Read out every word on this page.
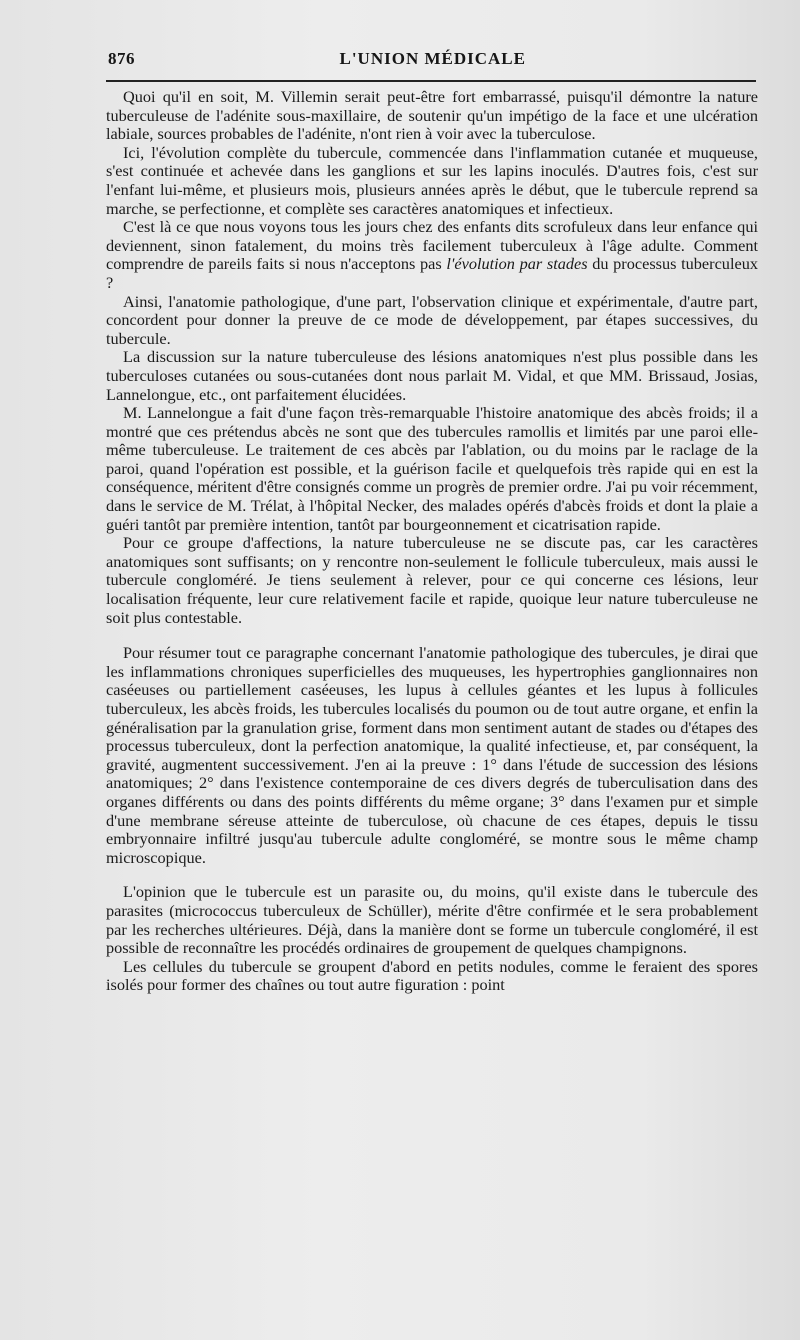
876	L'UNION MÉDICALE

Quoi qu'il en soit, M. Villemin serait peut-être fort embarrassé, puisqu'il démontre la nature tuberculeuse de l'adénite sous-maxillaire, de soutenir qu'un impétigo de la face et une ulcération labiale, sources probables de l'adénite, n'ont rien à voir avec la tuberculose.

Ici, l'évolution complète du tubercule, commencée dans l'inflammation cutanée et muqueuse, s'est continuée et achevée dans les ganglions et sur les lapins inoculés. D'autres fois, c'est sur l'enfant lui-même, et plusieurs mois, plusieurs années après le début, que le tubercule reprend sa marche, se perfectionne, et complète ses caractères anatomiques et infectieux.

C'est là ce que nous voyons tous les jours chez des enfants dits scrofuleux dans leur enfance qui deviennent, sinon fatalement, du moins très facilement tuberculeux à l'âge adulte. Comment comprendre de pareils faits si nous n'acceptons pas l'évolution par stades du processus tuberculeux ?

Ainsi, l'anatomie pathologique, d'une part, l'observation clinique et expérimentale, d'autre part, concordent pour donner la preuve de ce mode de développement, par étapes successives, du tubercule.

La discussion sur la nature tuberculeuse des lésions anatomiques n'est plus possible dans les tuberculoses cutanées ou sous-cutanées dont nous parlait M. Vidal, et que MM. Brissaud, Josias, Lannelongue, etc., ont parfaitement élucidées.

M. Lannelongue a fait d'une façon très-remarquable l'histoire anatomique des abcès froids; il a montré que ces prétendus abcès ne sont que des tubercules ramollis et limités par une paroi elle-même tuberculeuse. Le traitement de ces abcès par l'ablation, ou du moins par le raclage de la paroi, quand l'opération est possible, et la guérison facile et quelquefois très rapide qui en est la conséquence, méritent d'être consignés comme un progrès de premier ordre. J'ai pu voir récemment, dans le service de M. Trélat, à l'hôpital Necker, des malades opérés d'abcès froids et dont la plaie a guéri tantôt par première intention, tantôt par bourgeonnement et cicatrisation rapide.

Pour ce groupe d'affections, la nature tuberculeuse ne se discute pas, car les caractères anatomiques sont suffisants; on y rencontre non-seulement le follicule tuberculeux, mais aussi le tubercule congloméré. Je tiens seulement à relever, pour ce qui concerne ces lésions, leur localisation fréquente, leur cure relativement facile et rapide, quoique leur nature tuberculeuse ne soit plus contestable.

Pour résumer tout ce paragraphe concernant l'anatomie pathologique des tubercules, je dirai que les inflammations chroniques superficielles des muqueuses, les hypertrophies ganglionnaires non caséeuses ou partiellement caséeuses, les lupus à cellules géantes et les lupus à follicules tuberculeux, les abcès froids, les tubercules localisés du poumon ou de tout autre organe, et enfin la généralisation par la granulation grise, forment dans mon sentiment autant de stades ou d'étapes des processus tuberculeux, dont la perfection anatomique, la qualité infectieuse, et, par conséquent, la gravité, augmentent successivement. J'en ai la preuve : 1° dans l'étude de succession des lésions anatomiques; 2° dans l'existence contemporaine de ces divers degrés de tuberculisation dans des organes différents ou dans des points différents du même organe; 3° dans l'examen pur et simple d'une membrane séreuse atteinte de tuberculose, où chacune de ces étapes, depuis le tissu embryonnaire infiltré jusqu'au tubercule adulte congloméré, se montre sous le même champ microscopique.

L'opinion que le tubercule est un parasite ou, du moins, qu'il existe dans le tubercule des parasites (micrococcus tuberculeux de Schüller), mérite d'être confirmée et le sera probablement par les recherches ultérieures. Déjà, dans la manière dont se forme un tubercule congloméré, il est possible de reconnaître les procédés ordinaires de groupement de quelques champignons.

Les cellules du tubercule se groupent d'abord en petits nodules, comme le feraient des spores isolés pour former des chaînes ou tout autre figuration : point
